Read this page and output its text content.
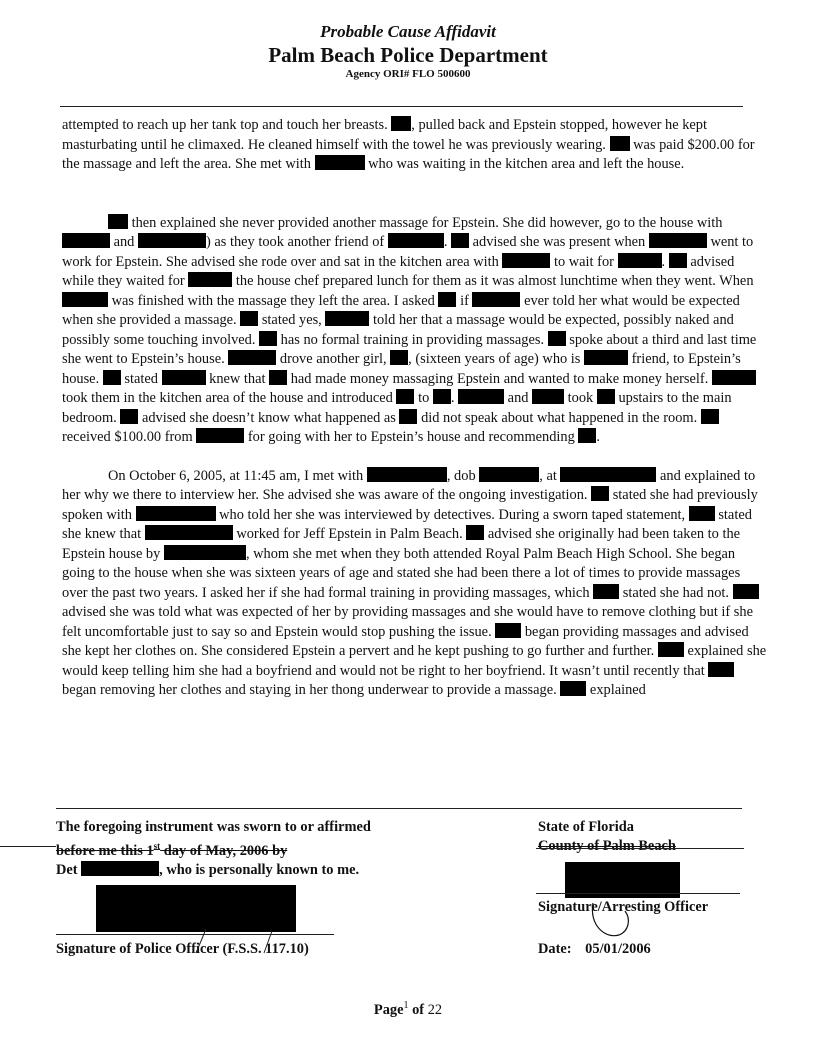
Probable Cause Affidavit
Palm Beach Police Department
Agency ORI# FLO 500600

attempted to reach up her tank top and touch her breasts. , pulled back and Epstein stopped, however he kept masturbating until he climaxed. He cleaned himself with the towel he was previously wearing.  was paid $200.00 for the massage and left the area. She met with	who was waiting in the kitchen area and left the house.

then explained she never provided another massage for Epstein. She did however, go to the house with  and	) as they took another friend of	.  advised she was present when	went to work for Epstein. She advised she rode over and sat in the kitchen area with	to wait for	.  advised while they waited for	the house chef prepared lunch for them as it was almost lunchtime when they went. When  was finished with the massage they left the area. I asked  if	ever told her what would be expected when she provided a massage.  stated yes,	told her that a massage would be expected, possibly naked and possibly some touching involved.  has no formal training in providing massages.  spoke about a third and last time she went to Epstein’s house.	drove another girl, , (sixteen years of age) who is	friend, to Epstein’s house.  stated	knew that  had made money massaging Epstein and wanted to make money herself.  took them in the kitchen area of the house and introduced  to .	and  took  upstairs to the main bedroom.  advised she doesn’t know what happened as  did not speak about what happened in the room.  received $100.00 from	for going with her to Epstein’s house and recommending .

On October 6, 2005, at 11:45 am, I met with	, dob	, at	and explained to her why we there to interview her. She advised she was aware of the ongoing investigation.  stated she had previously spoken with	who told her she was interviewed by detectives. During a sworn taped statement,  stated she knew that	worked for Jeff Epstein in Palm Beach.  advised she originally had been taken to the Epstein house by	, whom she met when they both attended Royal Palm Beach High School. She began going to the house when she was sixteen years of age and stated she had been there a lot of times to provide massages over the past two years. I asked her if she had formal training in providing massages, which  stated she had not.  advised she was told what was expected of her by providing massages and she would have to remove clothing but if she felt uncomfortable just to say so and Epstein would stop pushing the issue.  began providing massages and advised she kept her clothes on. She considered Epstein a pervert and he kept pushing to go further and further.  explained she would keep telling him she had a boyfriend and would not be right to her boyfriend. It wasn’t until recently that  began removing her clothes and staying in her thong underwear to provide a massage.  explained

The foregoing instrument was sworn to or affirmed
before me this 1st day of May, 2006 by
Det	, who is personally known to me.
Signature of Police Officer (F.S.S. 117.10)
State of Florida
County of Palm Beach
Signature/Arresting Officer
Date: 05/01/2006
Page$^1$ of 22
